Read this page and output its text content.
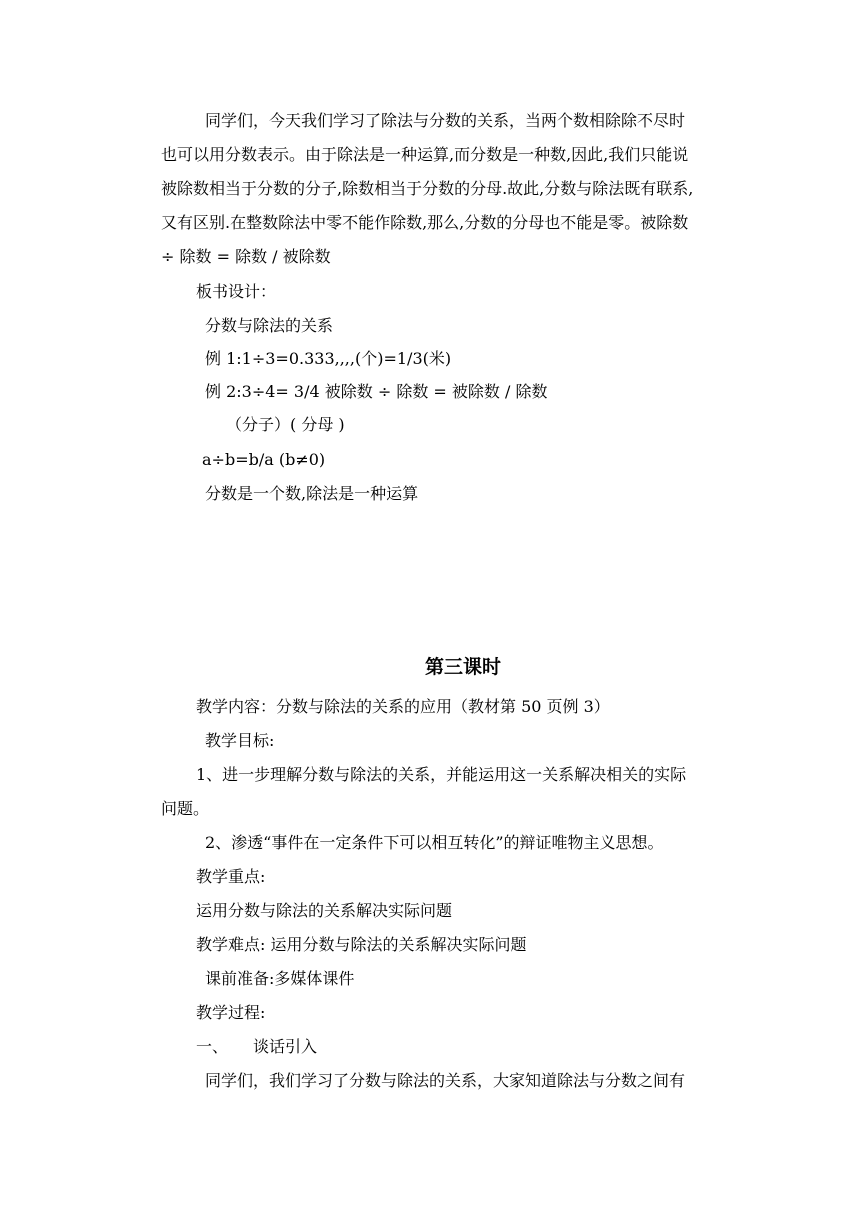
同学们，今天我们学习了除法与分数的关系，当两个数相除除不尽时
也可以用分数表示。由于除法是一种运算,而分数是一种数,因此,我们只能说
被除数相当于分数的分子,除数相当于分数的分母.故此,分数与除法既有联系,
又有区别.在整数除法中零不能作除数,那么,分数的分母也不能是零。被除数
÷ 除数 = 除数 / 被除数
板书设计：
分数与除法的关系
例 1:1÷3=0.333,,,,(个)=1/3(米)
例 2:3÷4= 3/4 被除数 ÷ 除数 = 被除数 / 除数
（分子）( 分母 )
a÷b=b/a (b≠0)
分数是一个数,除法是一种运算
第三课时
教学内容：分数与除法的关系的应用（教材第 50 页例 3）
教学目标:
1、进一步理解分数与除法的关系，并能运用这一关系解决相关的实际
问题。
2、渗透“事件在一定条件下可以相互转化”的辩证唯物主义思想。
教学重点:
运用分数与除法的关系解决实际问题
教学难点: 运用分数与除法的关系解决实际问题
课前准备:多媒体课件
教学过程:
一、 谈话引入
同学们，我们学习了分数与除法的关系，大家知道除法与分数之间有
